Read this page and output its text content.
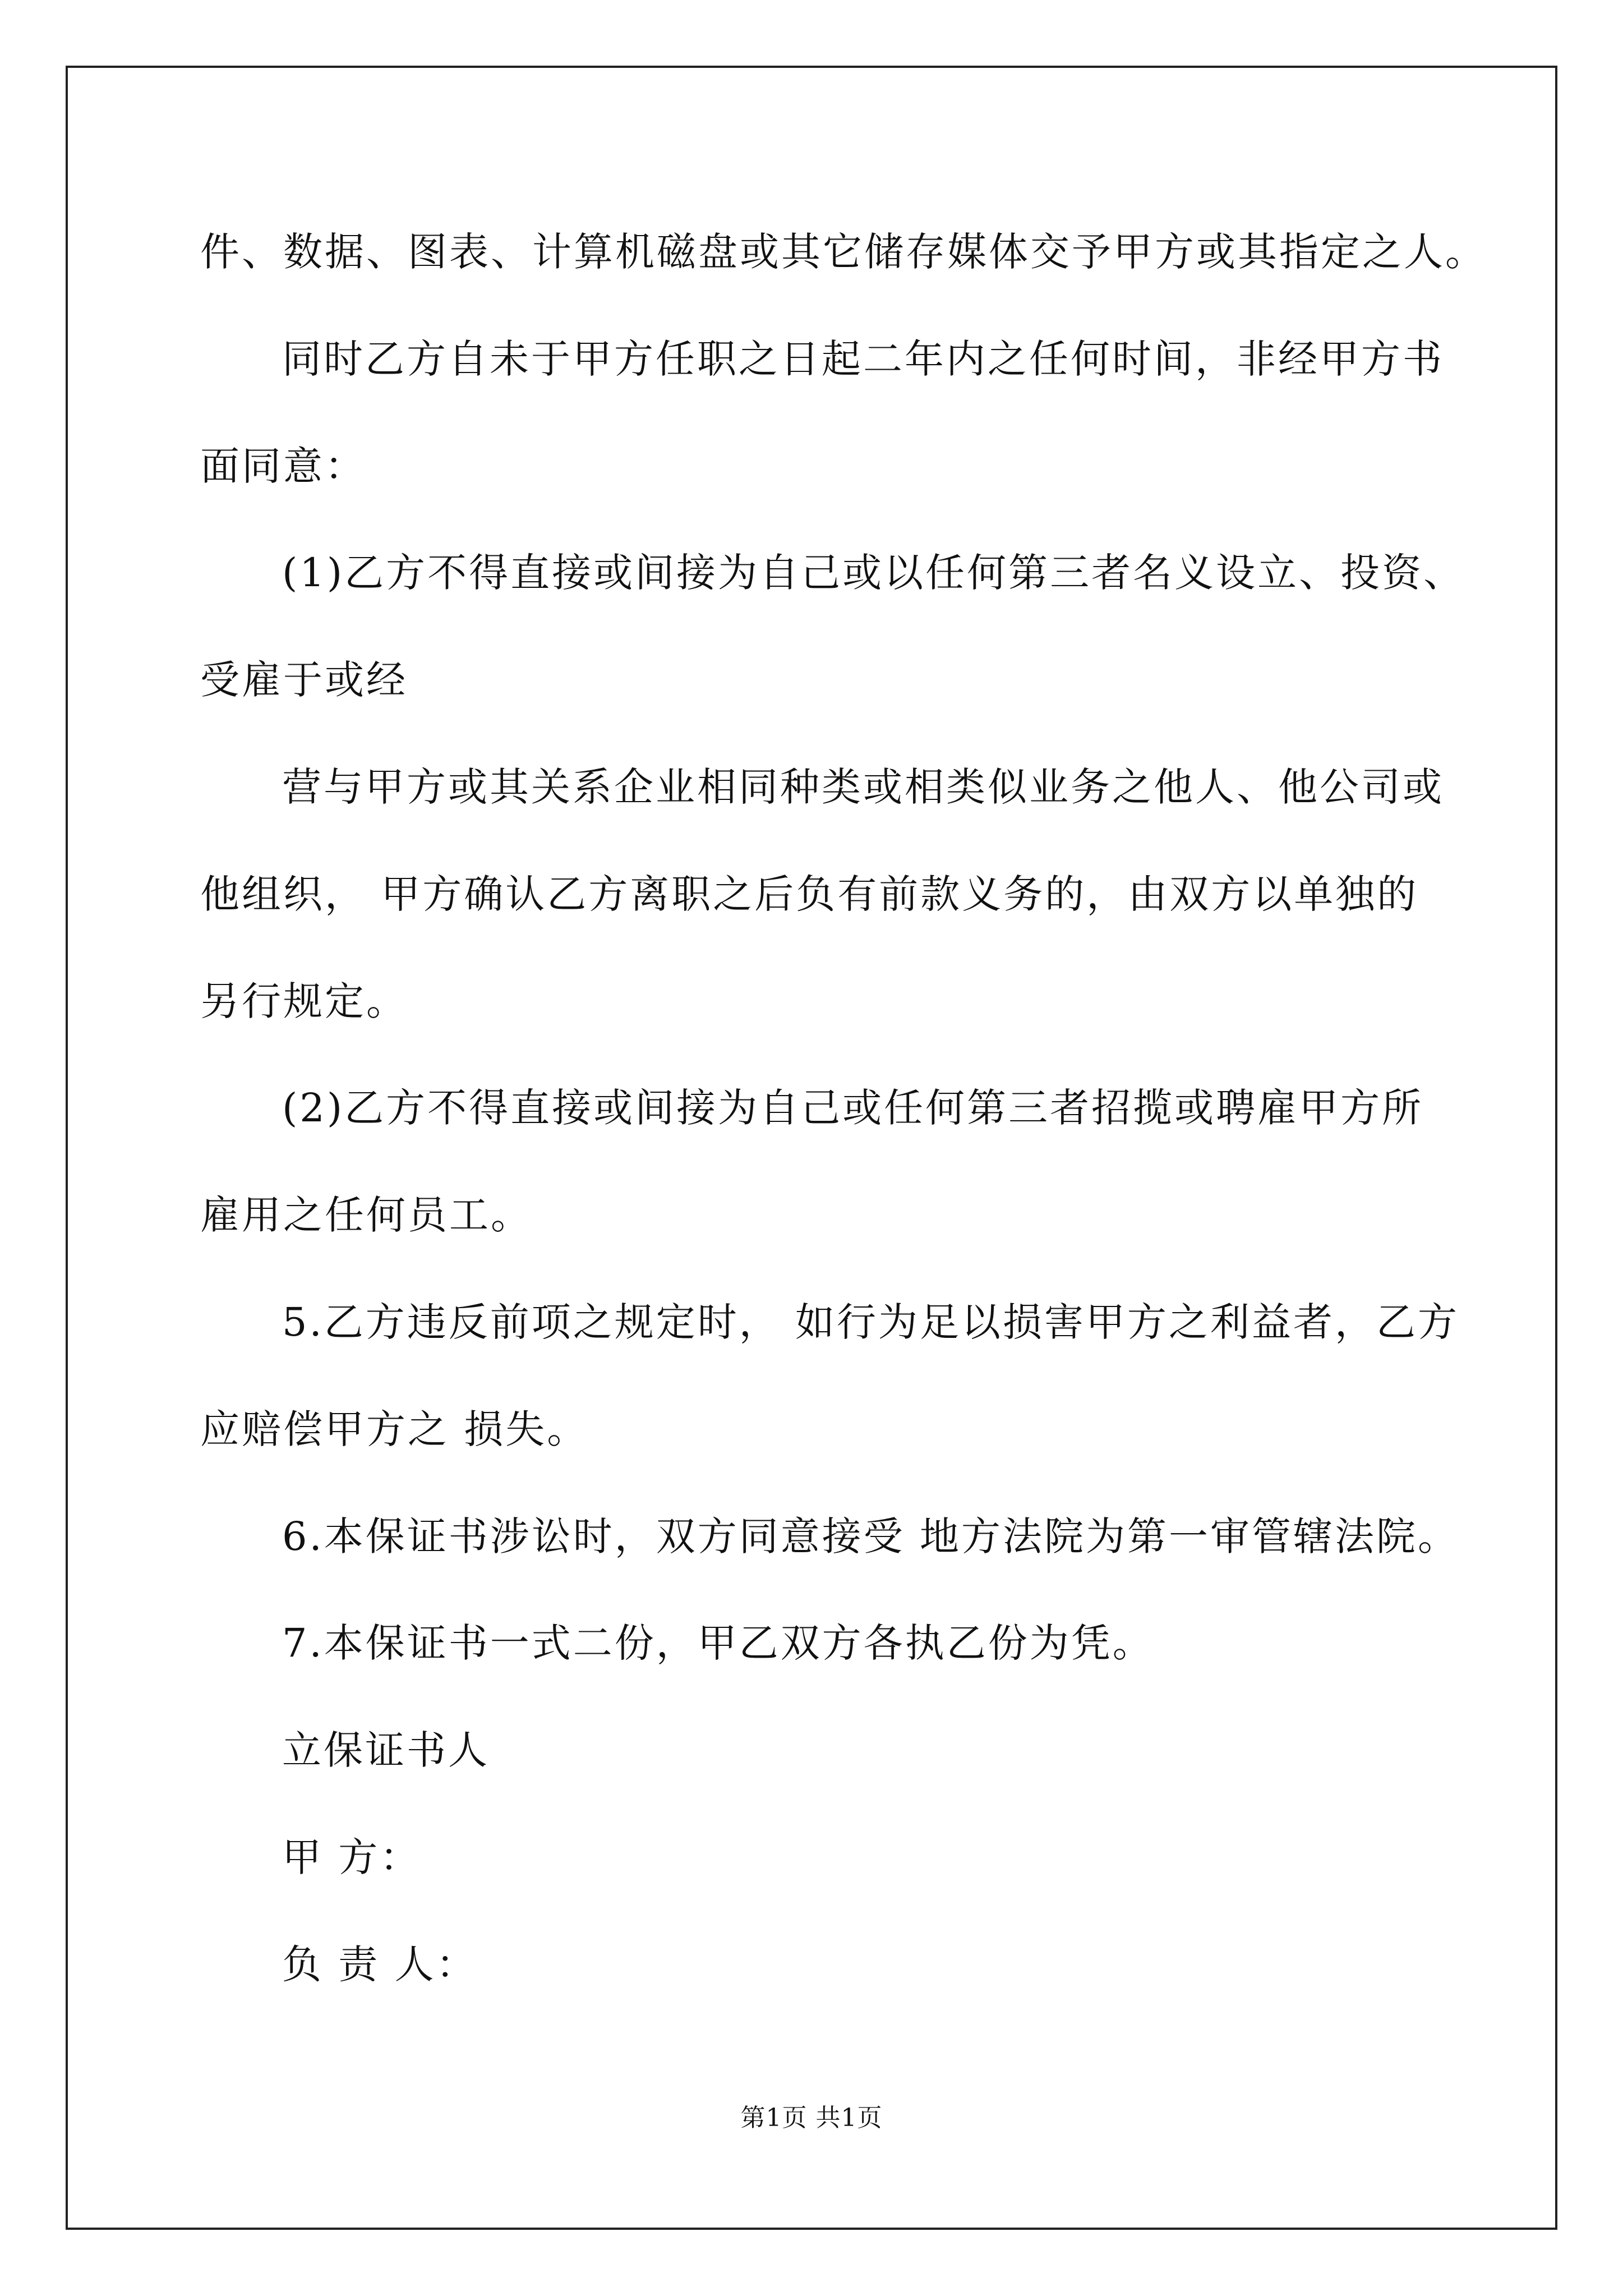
件、数据、图表、计算机磁盘或其它储存媒体交予甲方或其指定之人。
同时乙方自未于甲方任职之日起二年内之任何时间，非经甲方书
面同意：
(1)乙方不得直接或间接为自己或以任何第三者名义设立、投资、
受雇于或经
营与甲方或其关系企业相同种类或相类似业务之他人、他公司或
他组织， 甲方确认乙方离职之后负有前款义务的，由双方以单独的
另行规定。
(2)乙方不得直接或间接为自己或任何第三者招揽或聘雇甲方所
雇用之任何员工。
5.乙方违反前项之规定时， 如行为足以损害甲方之利益者，乙方
应赔偿甲方之 损失。
6.本保证书涉讼时，双方同意接受 地方法院为第一审管辖法院。
7.本保证书一式二份，甲乙双方各执乙份为凭。
立保证书人
甲 方：
负 责 人：
第1页 共1页
